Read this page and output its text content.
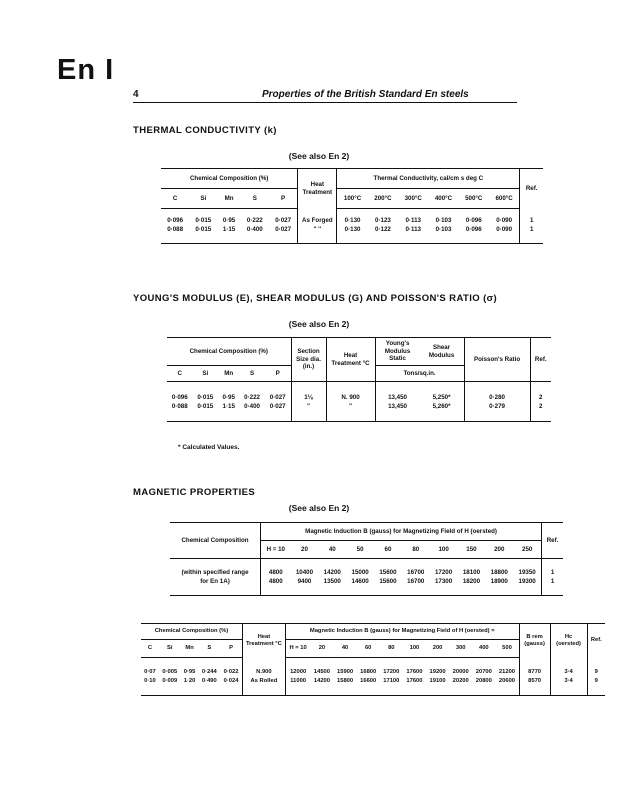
En I
4	Properties of the British Standard En steels
THERMAL CONDUCTIVITY (k)
(See also En 2)
Chemical Composition (%)					Heat Treatment	Thermal Conductivity, cal/cm s deg C						Ref.
C	Si	Mn	S	P		100°C	200°C	300°C	400°C	500°C	600°C	

0·096	0·015	0·95	0·222	0·027	As Forged	0·130	0·123	0·113	0·103	0·096	0·090	1
0·088	0·015	1·15	0·400	0·027	'' ''	0·130	0·122	0·113	0·103	0·096	0·090	1

YOUNG'S MODULUS (E), SHEAR MODULUS (G) AND POISSON'S RATIO (σ)
(See also En 2)
Chemical Composition (%)					Section Size dia. (in.)	Heat Treatment °C	Young's Modulus Static	Shear Modulus	Poisson's Ratio	Ref.

C	Si	Mn	S	P			Tons/sq.in.			

0·096	0·015	0·95	0·222	0·027	1⅛	N. 900	13,450	5,250*	0·280	2
0·088	0·015	1·15	0·400	0·027	''	''	13,450	5,260*	0·279	2

* Calculated Values.
MAGNETIC PROPERTIES
(See also En 2)
Chemical Composition	Magnetic Induction B (gauss) for Magnetizing Field of H (oersted)										Ref.
	H = 10	20	40	50	60	80	100	150	200	250	

(within specified range	4800	10400	14200	15000	15600	16700	17200	18100	18800	19350	1
for En 1A)	4800	9400	13500	14600	15600	16700	17300	18200	18900	19300	1

Chemical Composition (%)					Heat Treatment °C	Magnetic Induction B (gauss) for Magnetizing Field of H (oersted) =										B rem (gauss)	Hc (oersted)	Ref.
C	Si	Mn	S	P		H = 10	20	40	60	80	100	200	300	400	500			

0·07	0·005	0·95	0·244	0·022	N.900	12000	14500	15900	16800	17200	17600	19200	20000	20700	21200	8770	3·4	9
0·10	0·009	1·20	0·490	0·024	As Rolled	11000	14200	15800	16600	17100	17600	19100	20200	20800	20600	8570	3·4	9
